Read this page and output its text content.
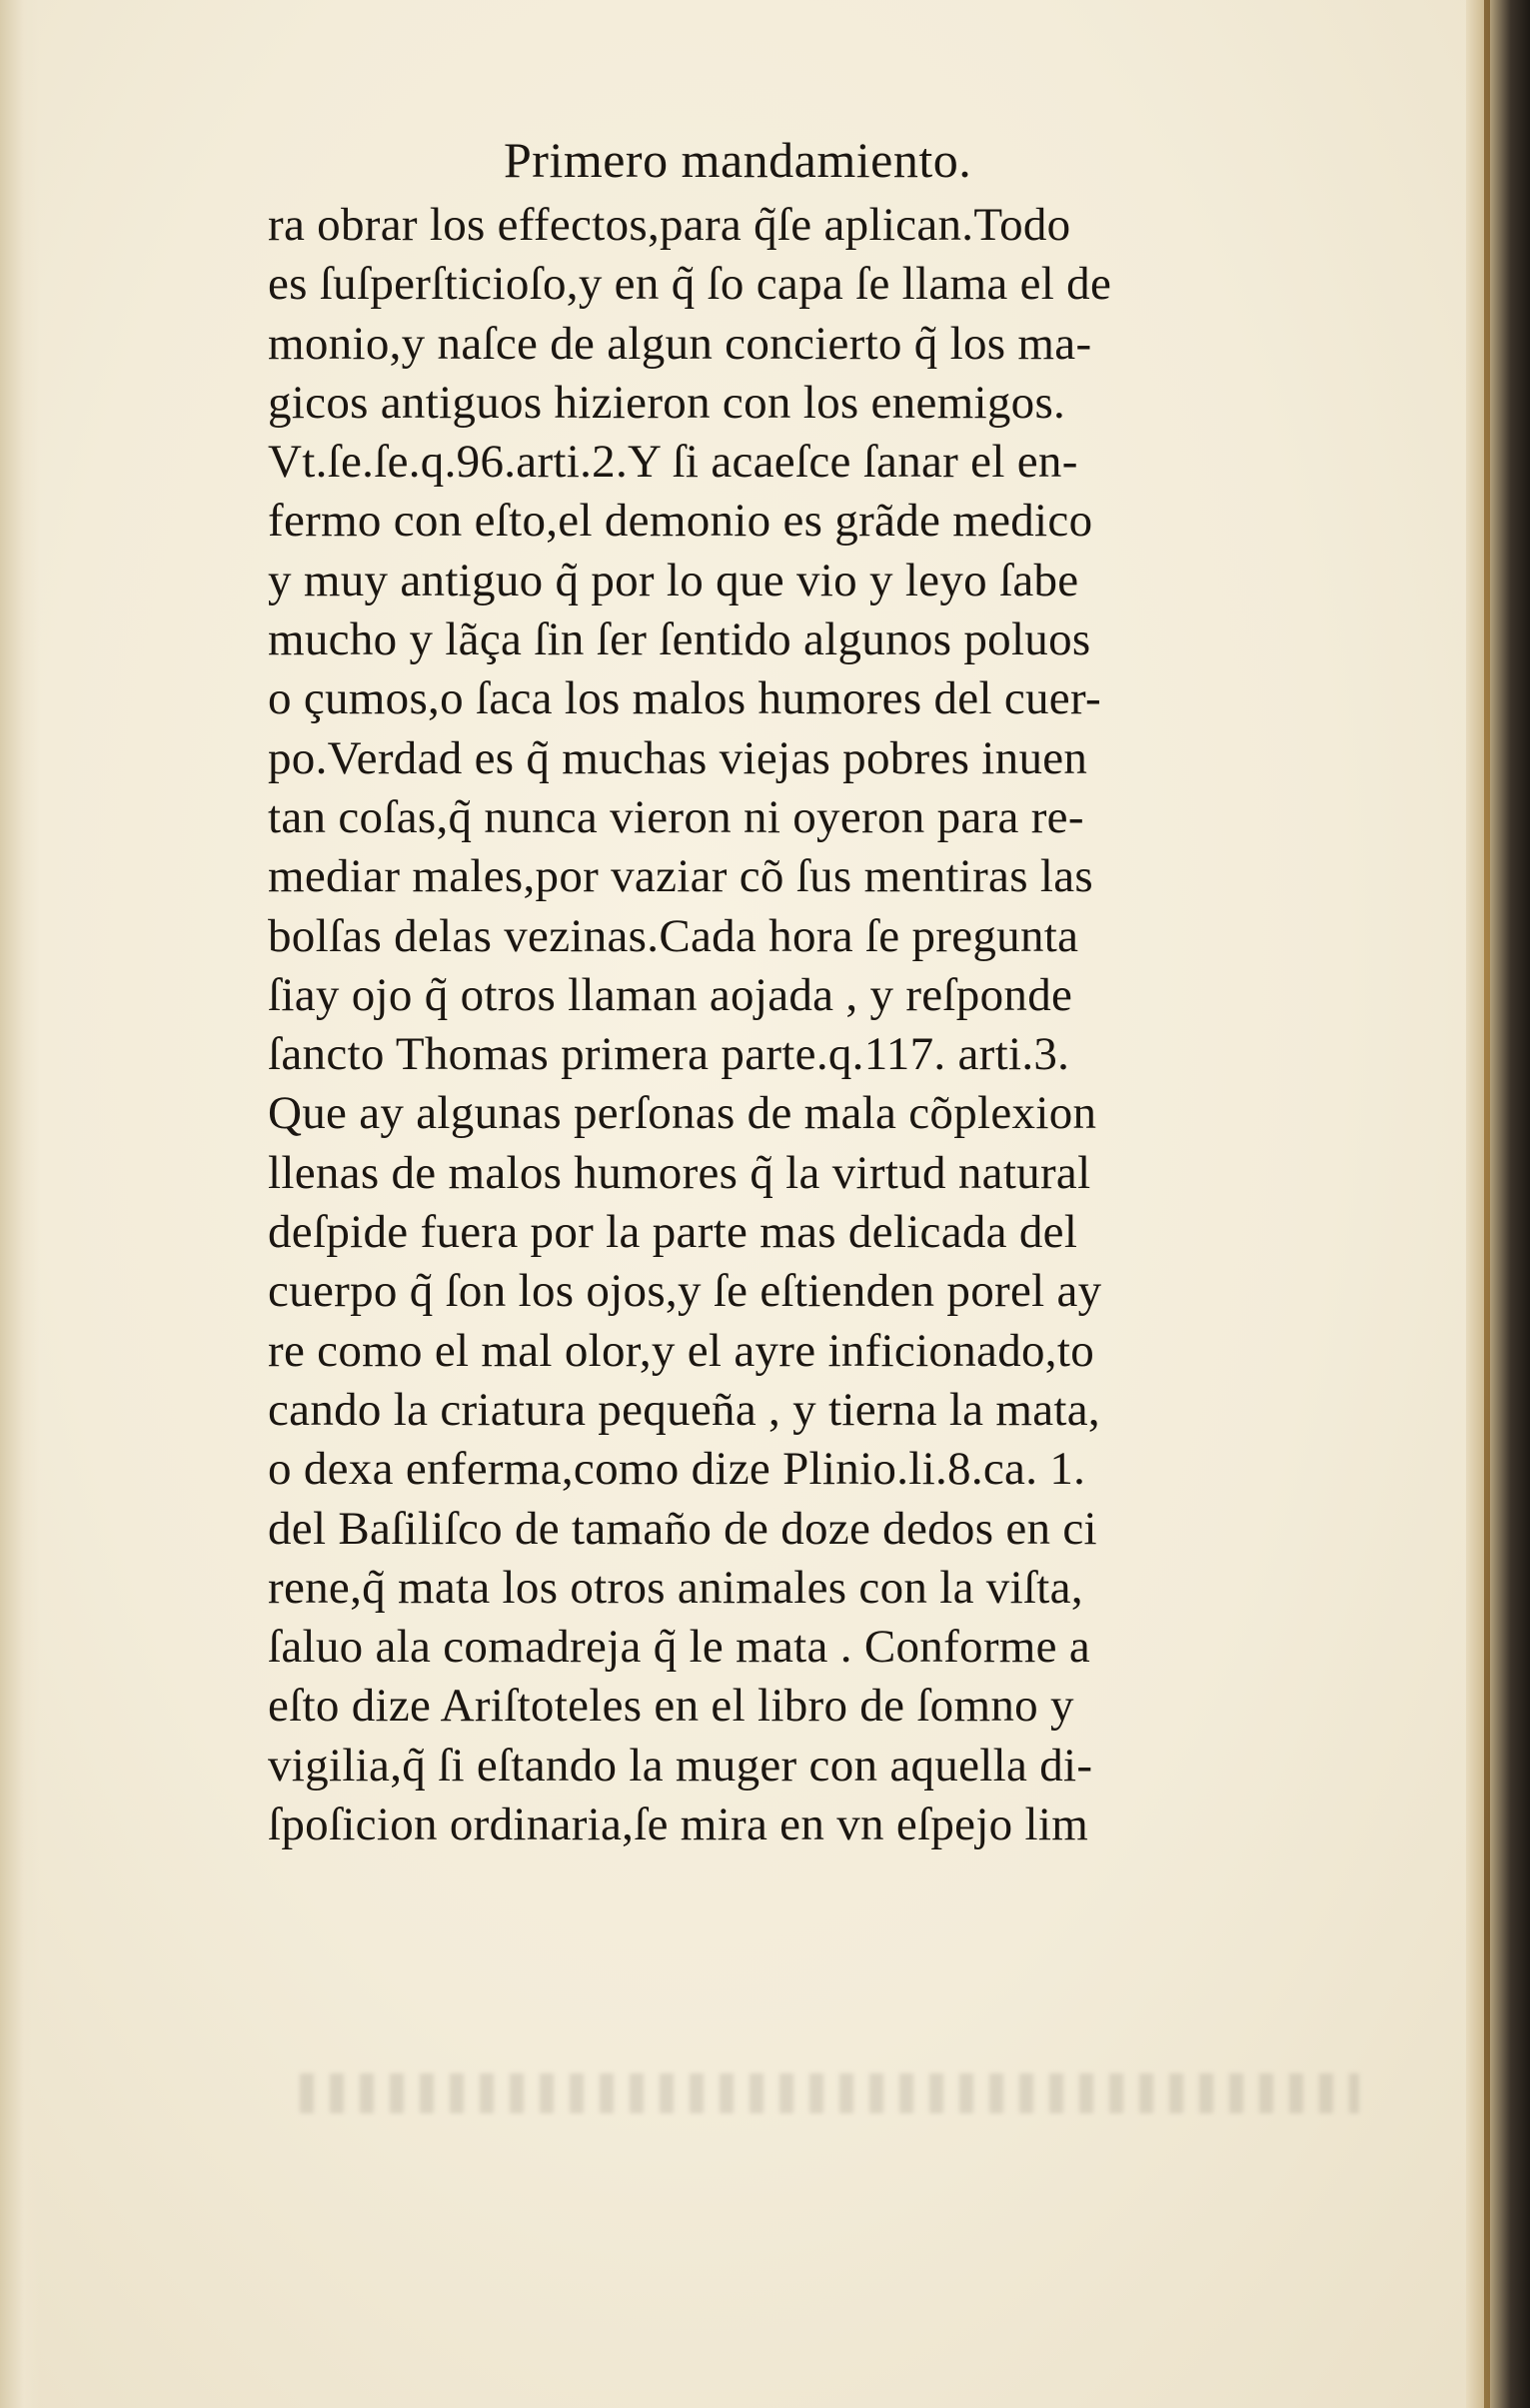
Primero mandamiento.
ra obrar los effectos,para q̃ſe aplican.Todo
es ſuſperſticioſo,y en q̃ ſo capa ſe llama el de
monio,y naſce de algun concierto q̃ los ma-
gicos antiguos hizieron con los enemigos.
Vt.ſe.ſe.q.96.arti.2.Y ſi acaeſce ſanar el en-
fermo con eſto,el demonio es grãde medico
y muy antiguo q̃ por lo que vio y leyo ſabe
mucho y lãça ſin ſer ſentido algunos poluos
o çumos,o ſaca los malos humores del cuer-
po.Verdad es q̃ muchas viejas pobres inuen
tan coſas,q̃ nunca vieron ni oyeron para re-
mediar males,por vaziar cõ ſus mentiras las
bolſas delas vezinas.Cada hora ſe pregunta
ſiay ojo q̃ otros llaman aojada , y reſponde
ſancto Thomas primera parte.q.117. arti.3.
Que ay algunas perſonas de mala cõplexion
llenas de malos humores q̃ la virtud natural
deſpide fuera por la parte mas delicada del
cuerpo q̃ ſon los ojos,y ſe eſtienden porel ay
re como el mal olor,y el ayre inficionado,to
cando la criatura pequeña , y tierna la mata,
o dexa enferma,como dize Plinio.li.8.ca. 1.
del Baſiliſco de tamaño de doze dedos en ci
rene,q̃ mata los otros animales con la viſta,
ſaluo ala comadreja q̃ le mata . Conforme a
eſto dize Ariſtoteles en el libro de ſomno y
vigilia,q̃ ſi eſtando la muger con aquella di-
ſpoſicion ordinaria,ſe mira en vn eſpejo lim
